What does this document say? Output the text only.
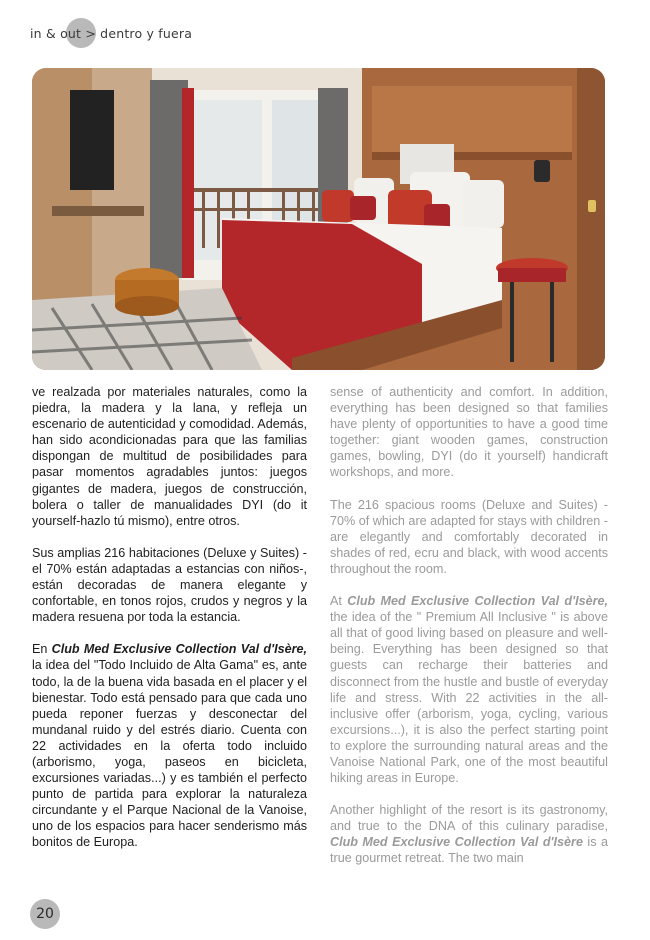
in & out > dentro y fuera

ve realzada por materiales naturales, como la piedra, la madera y la lana, y refleja un escenario de autenticidad y comodidad. Además, han sido acondicionadas para que las familias dispongan de multitud de posibilidades para pasar momentos agradables juntos: juegos gigantes de madera, juegos de construcción, bolera o taller de manualidades DYI (do it yourself-hazlo tú mismo), entre otros.

Sus amplias 216 habitaciones (Deluxe y Suites) -el 70% están adaptadas a estancias con niños-, están decoradas de manera elegante y confortable, en tonos rojos, crudos y negros y la madera resuena por toda la estancia.

En Club Med Exclusive Collection Val d'Isère, la idea del "Todo Incluido de Alta Gama" es, ante todo, la de la buena vida basada en el placer y el bienestar. Todo está pensado para que cada uno pueda reponer fuerzas y desconectar del mundanal ruido y del estrés diario. Cuenta con 22 actividades en la oferta todo incluido (arborismo, yoga, paseos en bicicleta, excursiones variadas...) y es también el perfecto punto de partida para explorar la naturaleza circundante y el Parque Nacional de la Vanoise, uno de los espacios para hacer senderismo más bonitos de Europa.

sense of authenticity and comfort. In addition, everything has been designed so that families have plenty of opportunities to have a good time together: giant wooden games, construction games, bowling, DYI (do it yourself) handicraft workshops, and more.

The 216 spacious rooms (Deluxe and Suites) - 70% of which are adapted for stays with children - are elegantly and comfortably decorated in shades of red, ecru and black, with wood accents throughout the room.

At Club Med Exclusive Collection Val d'Isère, the idea of the " Premium All Inclusive " is above all that of good living based on pleasure and well-being. Everything has been designed so that guests can recharge their batteries and disconnect from the hustle and bustle of everyday life and stress. With 22 activities in the all-inclusive offer (arborism, yoga, cycling, various excursions...), it is also the perfect starting point to explore the surrounding natural areas and the Vanoise National Park, one of the most beautiful hiking areas in Europe.

Another highlight of the resort is its gastronomy, and true to the DNA of this culinary paradise, Club Med Exclusive Collection Val d'Isère is a true gourmet retreat. The two main

20
